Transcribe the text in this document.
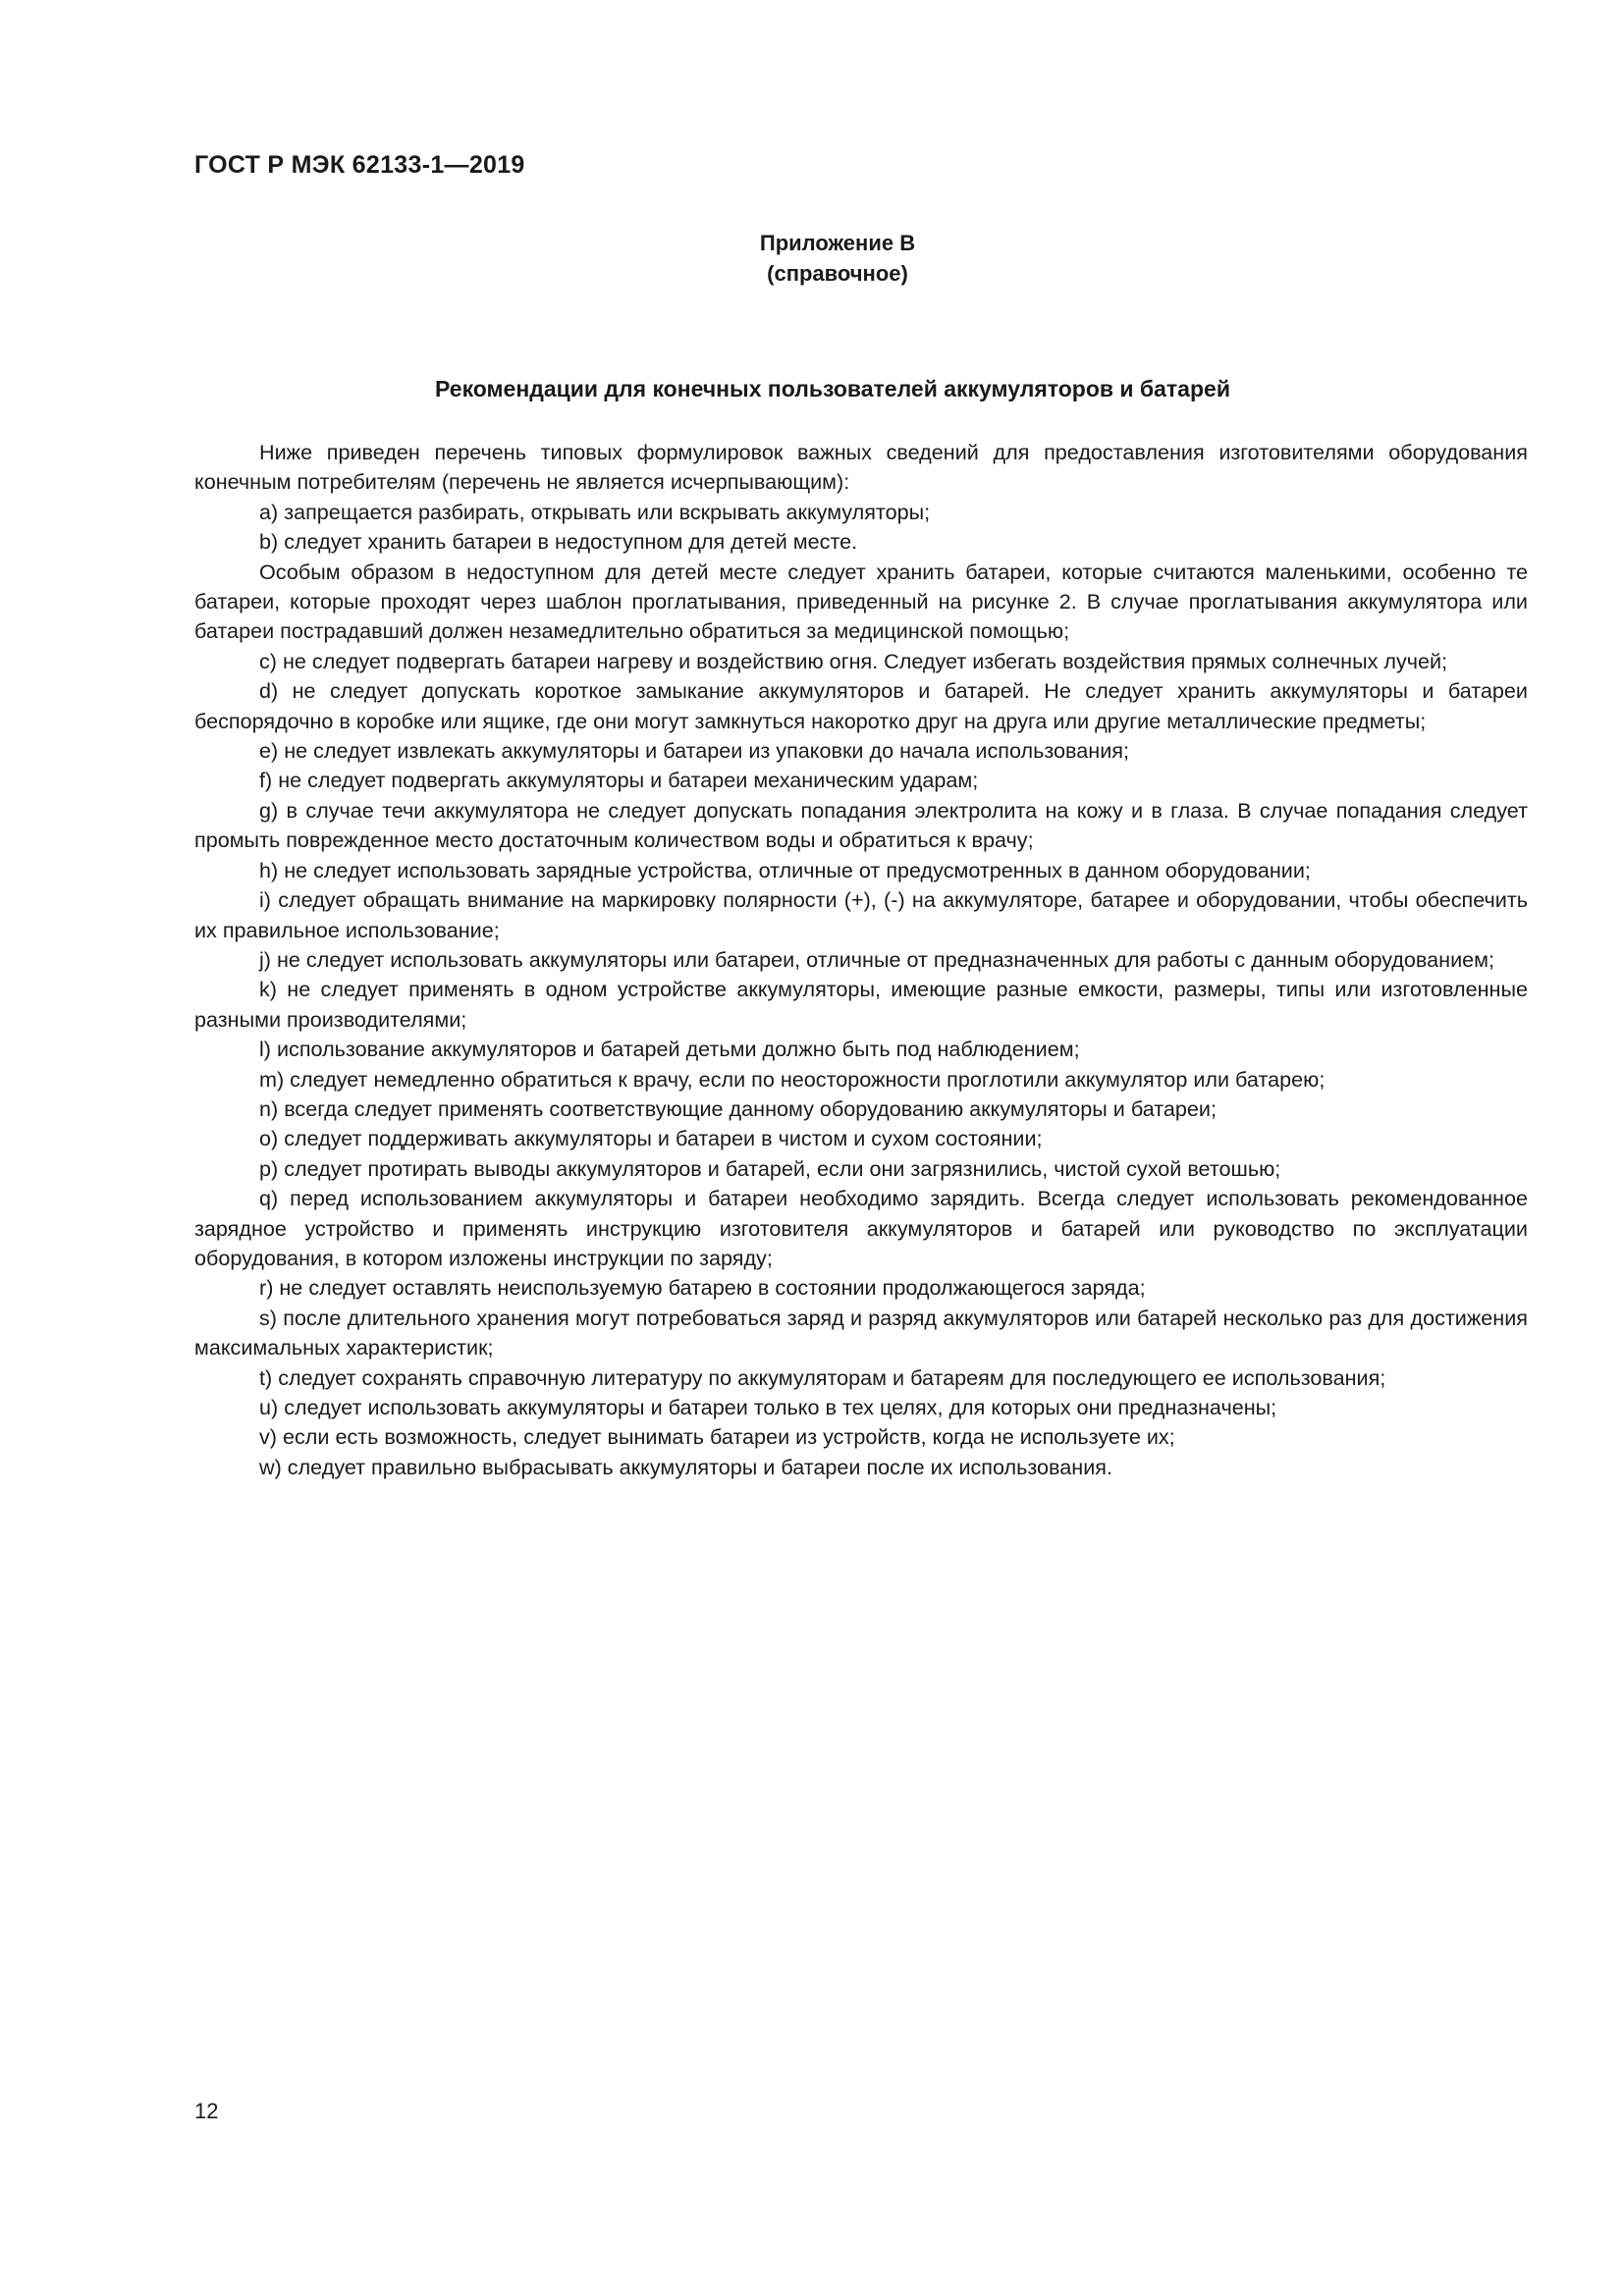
ГОСТ Р МЭК 62133-1—2019
Приложение В
(справочное)
Рекомендации для конечных пользователей аккумуляторов и батарей

Ниже приведен перечень типовых формулировок важных сведений для предоставления изготовителями оборудования конечным потребителям (перечень не является исчерпывающим):

a) запрещается разбирать, открывать или вскрывать аккумуляторы;

b) следует хранить батареи в недоступном для детей месте.

Особым образом в недоступном для детей месте следует хранить батареи, которые считаются маленькими, особенно те батареи, которые проходят через шаблон проглатывания, приведенный на рисунке 2. В случае проглатывания аккумулятора или батареи пострадавший должен незамедлительно обратиться за медицинской помощью;

c) не следует подвергать батареи нагреву и воздействию огня. Следует избегать воздействия прямых солнечных лучей;

d) не следует допускать короткое замыкание аккумуляторов и батарей. Не следует хранить аккумуляторы и батареи беспорядочно в коробке или ящике, где они могут замкнуться накоротко друг на друга или другие металлические предметы;

e) не следует извлекать аккумуляторы и батареи из упаковки до начала использования;

f) не следует подвергать аккумуляторы и батареи механическим ударам;

g) в случае течи аккумулятора не следует допускать попадания электролита на кожу и в глаза. В случае попадания следует промыть поврежденное место достаточным количеством воды и обратиться к врачу;

h) не следует использовать зарядные устройства, отличные от предусмотренных в данном оборудовании;

i) следует обращать внимание на маркировку полярности (+), (-) на аккумуляторе, батарее и оборудовании, чтобы обеспечить их правильное использование;

j) не следует использовать аккумуляторы или батареи, отличные от предназначенных для работы с данным оборудованием;

k) не следует применять в одном устройстве аккумуляторы, имеющие разные емкости, размеры, типы или изготовленные разными производителями;

l) использование аккумуляторов и батарей детьми должно быть под наблюдением;

m) следует немедленно обратиться к врачу, если по неосторожности проглотили аккумулятор или батарею;

n) всегда следует применять соответствующие данному оборудованию аккумуляторы и батареи;

o) следует поддерживать аккумуляторы и батареи в чистом и сухом состоянии;

p) следует протирать выводы аккумуляторов и батарей, если они загрязнились, чистой сухой ветошью;

q) перед использованием аккумуляторы и батареи необходимо зарядить. Всегда следует использовать рекомендованное зарядное устройство и применять инструкцию изготовителя аккумуляторов и батарей или руководство по эксплуатации оборудования, в котором изложены инструкции по заряду;

r) не следует оставлять неиспользуемую батарею в состоянии продолжающегося заряда;

s) после длительного хранения могут потребоваться заряд и разряд аккумуляторов или батарей несколько раз для достижения максимальных характеристик;

t) следует сохранять справочную литературу по аккумуляторам и батареям для последующего ее использования;

u) следует использовать аккумуляторы и батареи только в тех целях, для которых они предназначены;

v) если есть возможность, следует вынимать батареи из устройств, когда не используете их;

w) следует правильно выбрасывать аккумуляторы и батареи после их использования.

12
